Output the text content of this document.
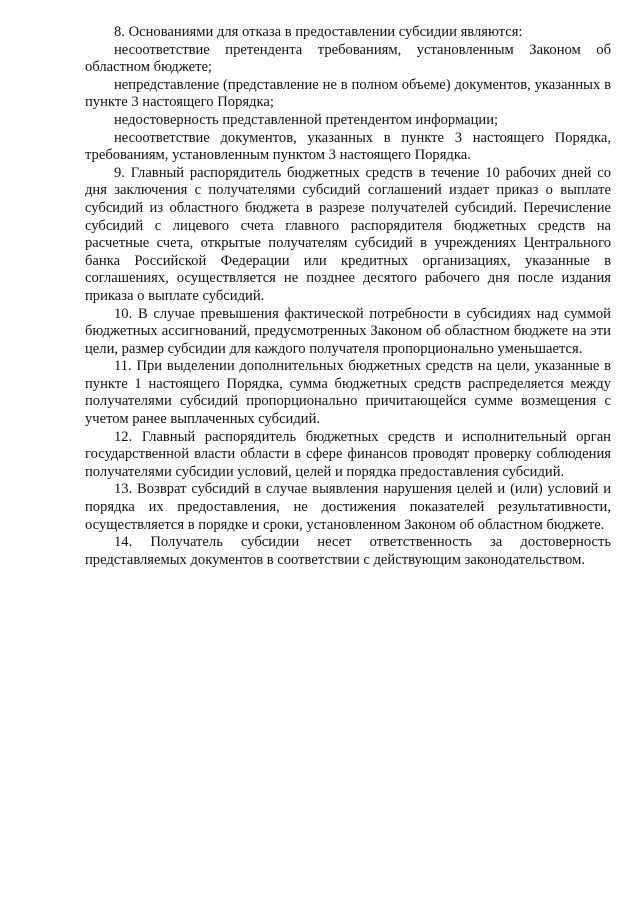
8. Основаниями для отказа в предоставлении субсидии являются:

несоответствие претендента требованиям, установленным Законом об областном бюджете;

непредставление (представление не в полном объеме) документов, указанных в пункте 3 настоящего Порядка;

недостоверность представленной претендентом информации;

несоответствие документов, указанных в пункте 3 настоящего Порядка, требованиям, установленным пунктом 3 настоящего Порядка.

9. Главный распорядитель бюджетных средств в течение 10 рабочих дней со дня заключения с получателями субсидий соглашений издает приказ о выплате субсидий из областного бюджета в разрезе получателей субсидий. Перечисление субсидий с лицевого счета главного распорядителя бюджетных средств на расчетные счета, открытые получателям субсидий в учреждениях Центрального банка Российской Федерации или кредитных организациях, указанные в соглашениях, осуществляется не позднее десятого рабочего дня после издания приказа о выплате субсидий.

10. В случае превышения фактической потребности в субсидиях над суммой бюджетных ассигнований, предусмотренных Законом об областном бюджете на эти цели, размер субсидии для каждого получателя пропорционально уменьшается.

11. При выделении дополнительных бюджетных средств на цели, указанные в пункте 1 настоящего Порядка, сумма бюджетных средств распределяется между получателями субсидий пропорционально причитающейся сумме возмещения с учетом ранее выплаченных субсидий.

12. Главный распорядитель бюджетных средств и исполнительный орган государственной власти области в сфере финансов проводят проверку соблюдения получателями субсидии условий, целей и порядка предоставления субсидий.

13. Возврат субсидий в случае выявления нарушения целей и (или) условий и порядка их предоставления, не достижения показателей результативности, осуществляется в порядке и сроки, установленном Законом об областном бюджете.

14. Получатель субсидии несет ответственность за достоверность представляемых документов в соответствии с действующим законодательством.
